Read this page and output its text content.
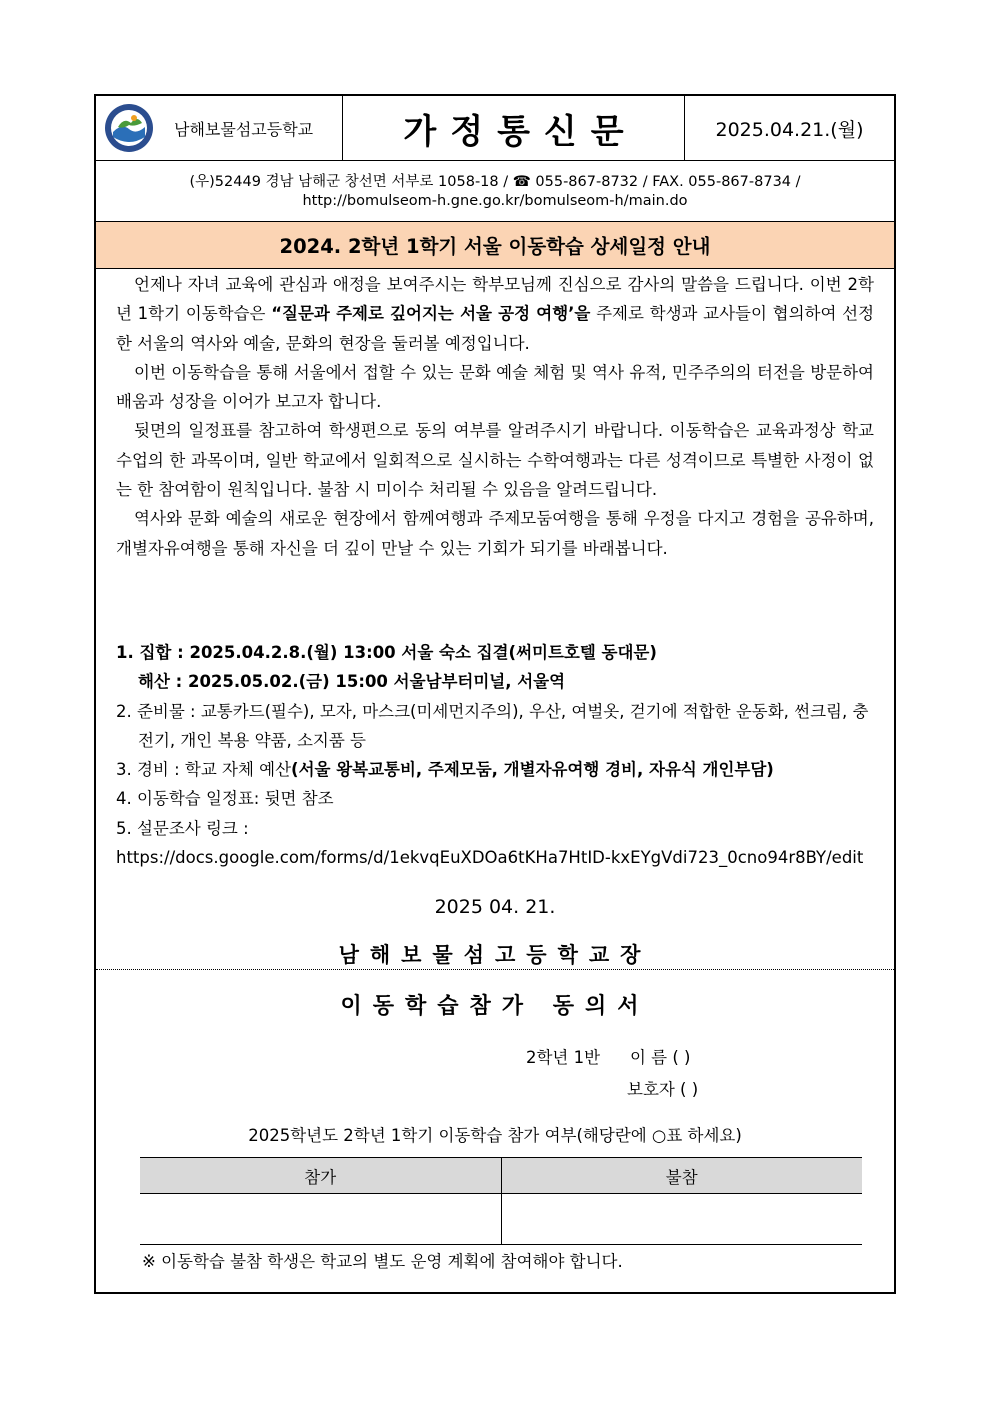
남해보물섬고등학교	가정통신문	2025.04.21.(월)
(우)52449 경남 남해군 창선면 서부로 1058-18 / ☎ 055-867-8732 / FAX. 055-867-8734 /
http://bomulseom-h.gne.go.kr/bomulseom-h/main.do
2024. 2학년 1학기 서울 이동학습 상세일정 안내

언제나 자녀 교육에 관심과 애정을 보여주시는 학부모님께 진심으로 감사의 말씀을 드립니다. 이번 2학년 1학기 이동학습은 “질문과 주제로 깊어지는 서울 공정 여행’을 주제로 학생과 교사들이 협의하여 선정한 서울의 역사와 예술, 문화의 현장을 둘러볼 예정입니다.

이번 이동학습을 통해 서울에서 접할 수 있는 문화 예술 체험 및 역사 유적, 민주주의의 터전을 방문하여 배움과 성장을 이어가 보고자 합니다.

뒷면의 일정표를 참고하여 학생편으로 동의 여부를 알려주시기 바랍니다. 이동학습은 교육과정상 학교 수업의 한 과목이며, 일반 학교에서 일회적으로 실시하는 수학여행과는 다른 성격이므로 특별한 사정이 없는 한 참여함이 원칙입니다. 불참 시 미이수 처리될 수 있음을 알려드립니다.

역사와 문화 예술의 새로운 현장에서 함께여행과 주제모둠여행을 통해 우정을 다지고 경험을 공유하며, 개별자유여행을 통해 자신을 더 깊이 만날 수 있는 기회가 되기를 바래봅니다.

1. 집합 : 2025.04.2.8.(월) 13:00 서울 숙소 집결(써미트호텔 동대문)
해산 : 2025.05.02.(금) 15:00 서울남부터미널, 서울역
2. 준비물 : 교통카드(필수), 모자, 마스크(미세먼지주의), 우산, 여벌옷, 걷기에 적합한 운동화, 썬크림, 충전기, 개인 복용 약품, 소지품 등
3. 경비 : 학교 자체 예산(서울 왕복교통비, 주제모둠, 개별자유여행 경비, 자유식 개인부담)
4. 이동학습 일정표: 뒷면 참조
5. 설문조사 링크 :
https://docs.google.com/forms/d/1ekvqEuXDOa6tKHa7HtID-kxEYgVdi723_0cno94r8BY/edit
2025 04. 21.
남해보물섬고등학교장
이동학습참가 동의서
2학년 1반 이 름 ( )
보호자 ( )
2025학년도 2학년 1학기 이동학습 참가 여부(해당란에 ○표 하세요)
참가	불참

※ 이동학습 불참 학생은 학교의 별도 운영 계획에 참여해야 합니다.
